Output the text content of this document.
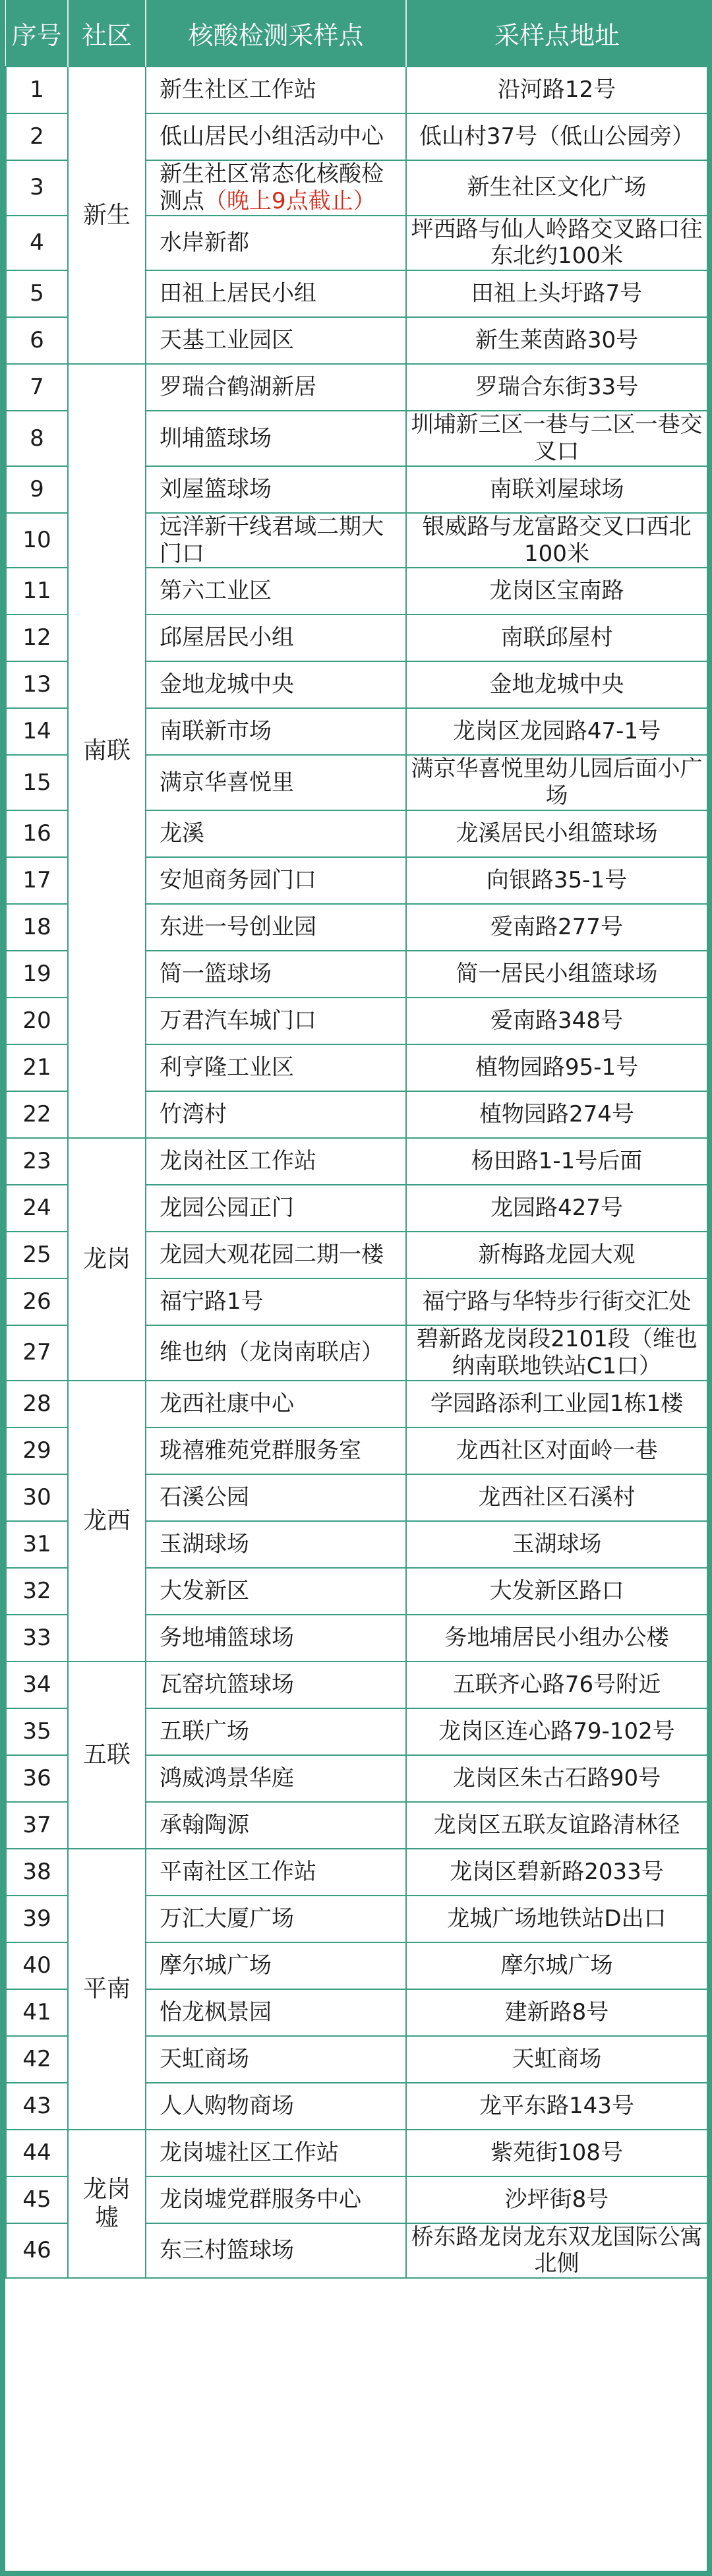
序号	社区	核酸检测采样点	采样点地址
1	新生	新生社区工作站	沿河路12号
2		低山居民小组活动中心	低山村37号（低山公园旁）
3		新生社区常态化核酸检测点（晚上9点截止）	新生社区文化广场
4		水岸新都	坪西路与仙人岭路交叉路口往东北约100米
5		田祖上居民小组	田祖上头圩路7号
6		天基工业园区	新生莱茵路30号
7	南联	罗瑞合鹤湖新居	罗瑞合东街33号
8		圳埔篮球场	圳埔新三区一巷与二区一巷交叉口
9		刘屋篮球场	南联刘屋球场
10		远洋新干线君域二期大门口	银威路与龙富路交叉口西北100米
11		第六工业区	龙岗区宝南路
12		邱屋居民小组	南联邱屋村
13		金地龙城中央	金地龙城中央
14		南联新市场	龙岗区龙园路47-1号
15		满京华喜悦里	满京华喜悦里幼儿园后面小广场
16		龙溪	龙溪居民小组篮球场
17		安旭商务园门口	向银路35-1号
18		东进一号创业园	爱南路277号
19		简一篮球场	简一居民小组篮球场
20		万君汽车城门口	爱南路348号
21		利亨隆工业区	植物园路95-1号
22		竹湾村	植物园路274号
23	龙岗	龙岗社区工作站	杨田路1-1号后面
24		龙园公园正门	龙园路427号
25		龙园大观花园二期一楼	新梅路龙园大观
26		福宁路1号	福宁路与华特步行街交汇处
27		维也纳（龙岗南联店）	碧新路龙岗段2101段（维也纳南联地铁站C1口）
28	龙西	龙西社康中心	学园路添利工业园1栋1楼
29		珑禧雅苑党群服务室	龙西社区对面岭一巷
30		石溪公园	龙西社区石溪村
31		玉湖球场	玉湖球场
32		大发新区	大发新区路口
33		务地埔篮球场	务地埔居民小组办公楼
34	五联	瓦窑坑篮球场	五联齐心路76号附近
35		五联广场	龙岗区连心路79-102号
36		鸿威鸿景华庭	龙岗区朱古石路90号
37		承翰陶源	龙岗区五联友谊路清林径
38	平南	平南社区工作站	龙岗区碧新路2033号
39		万汇大厦广场	龙城广场地铁站D出口
40		摩尔城广场	摩尔城广场
41		怡龙枫景园	建新路8号
42		天虹商场	天虹商场
43		人人购物商场	龙平东路143号
44	龙岗墟	龙岗墟社区工作站	紫苑街108号
45		龙岗墟党群服务中心	沙坪街8号
46		东三村篮球场	桥东路龙岗龙东双龙国际公寓北侧
